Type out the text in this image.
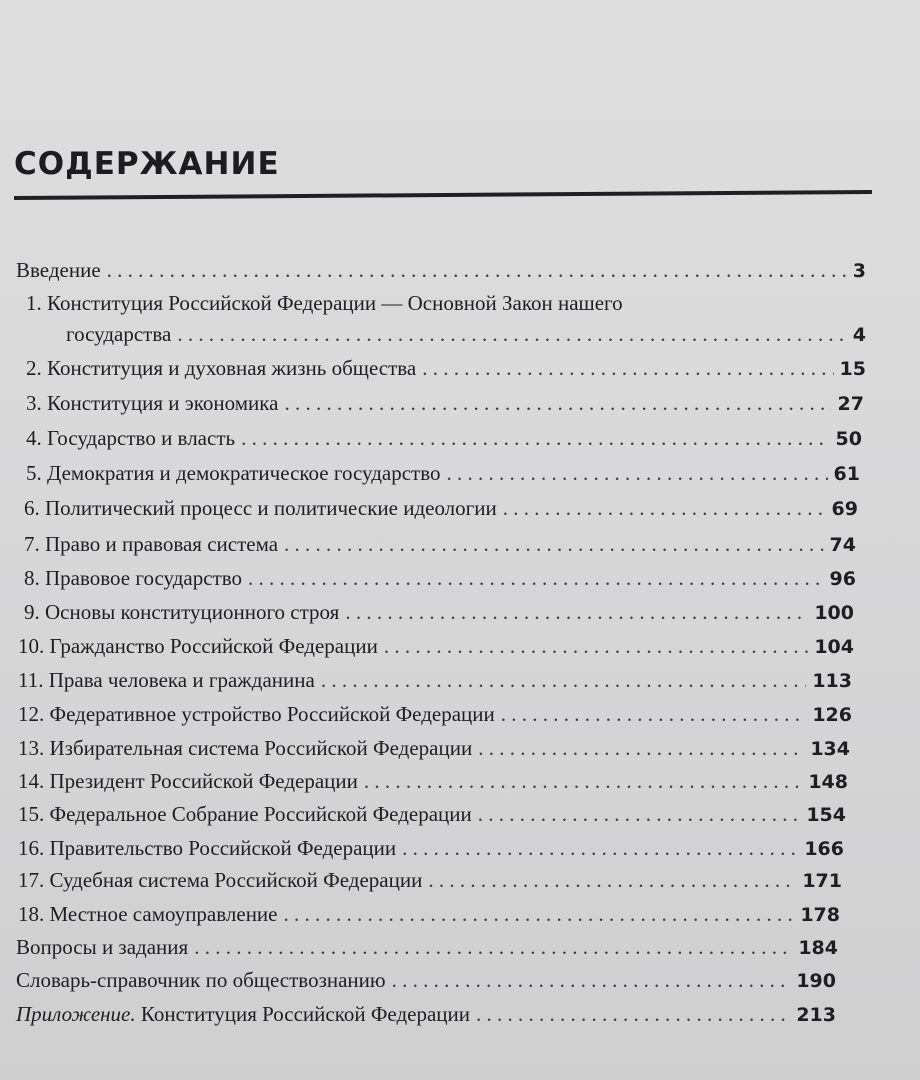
СОДЕРЖАНИЕ
Введение . . .	3
1. Конституция Российской Федерации — Основной Закон нашего
государства . . .	4
2. Конституция и духовная жизнь общества . . .	15
3. Конституция и экономика . . .	27
4. Государство и власть . . .	50
5. Демократия и демократическое государство . . .	61
6. Политический процесс и политические идеологии . . .	69
7. Право и правовая система . . .	74
8. Правовое государство . . .	96
9. Основы конституционного строя . . .	100
10. Гражданство Российской Федерации . . .	104
11. Права человека и гражданина . . .	113
12. Федеративное устройство Российской Федерации . . .	126
13. Избирательная система Российской Федерации . . .	134
14. Президент Российской Федерации . . .	148
15. Федеральное Собрание Российской Федерации . . .	154
16. Правительство Российской Федерации . . .	166
17. Судебная система Российской Федерации . . .	171
18. Местное самоуправление . . .	178
Вопросы и задания . . .	184
Словарь-справочник по обществознанию . . .	190
Приложение. Конституция Российской Федерации . . .	213
